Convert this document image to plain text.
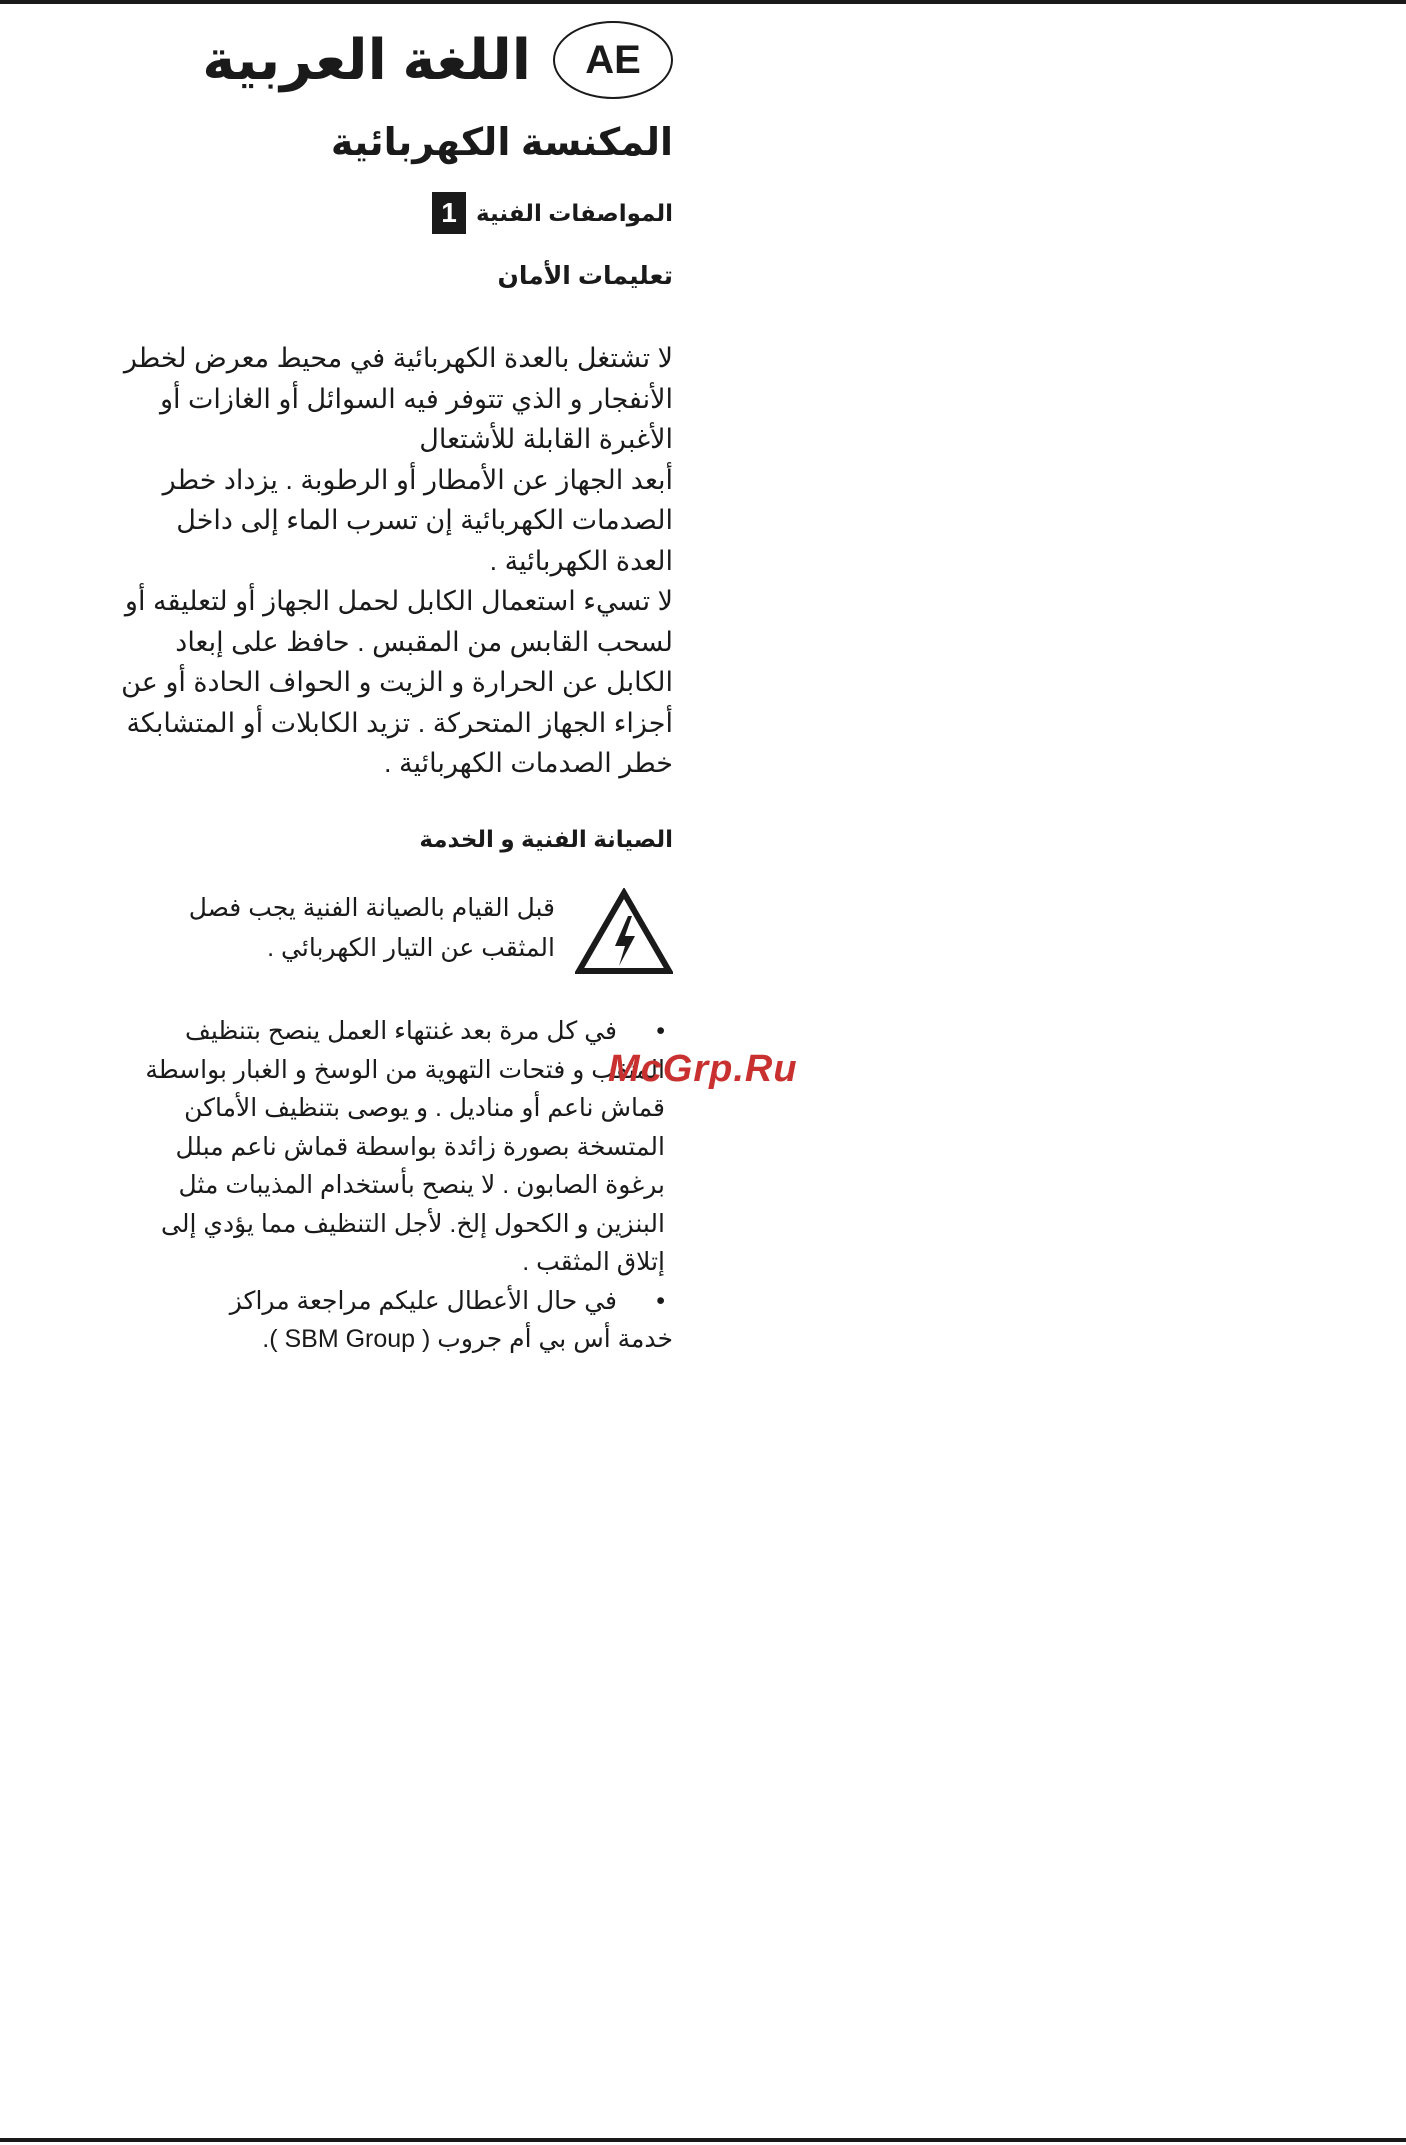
AE
اللغة العربية
المكنسة الكهربائية
المواصفات الفنية
1
تعليمات الأمان

لا تشتغل بالعدة الكهربائية في محيط معرض لخطر الأنفجار و الذي تتوفر فيه السوائل أو الغازات أو الأغبرة القابلة للأشتعال

أبعد الجهاز عن الأمطار أو الرطوبة . يزداد خطر الصدمات الكهربائية إن تسرب الماء إلى داخل العدة الكهربائية .

لا تسيء استعمال الكابل لحمل الجهاز أو لتعليقه أو لسحب القابس من المقبس . حافظ على إبعاد الكابل عن الحرارة و الزيت و الحواف الحادة أو عن أجزاء الجهاز المتحركة . تزيد الكابلات أو المتشابكة خطر الصدمات الكهربائية .

الصيانة الفنية و الخدمة
قبل القيام بالصيانة الفنية يجب فصل المثقب عن التيار الكهربائي .
• في كل مرة بعد غنتهاء العمل ينصح بتنظيف
المثقب و فتحات التهوية من الوسخ و الغبار بواسطة قماش ناعم أو مناديل . و يوصى بتنظيف الأماكن المتسخة بصورة زائدة بواسطة قماش ناعم مبلل برغوة الصابون . لا ينصح بأستخدام المذيبات مثل البنزين و الكحول إلخ. لأجل التنظيف مما يؤدي إلى إتلاق المثقب .
• في حال الأعطال عليكم مراجعة مراكز
خدمة أس بي أم جروب ( SBM Group ).
McGrp.Ru
